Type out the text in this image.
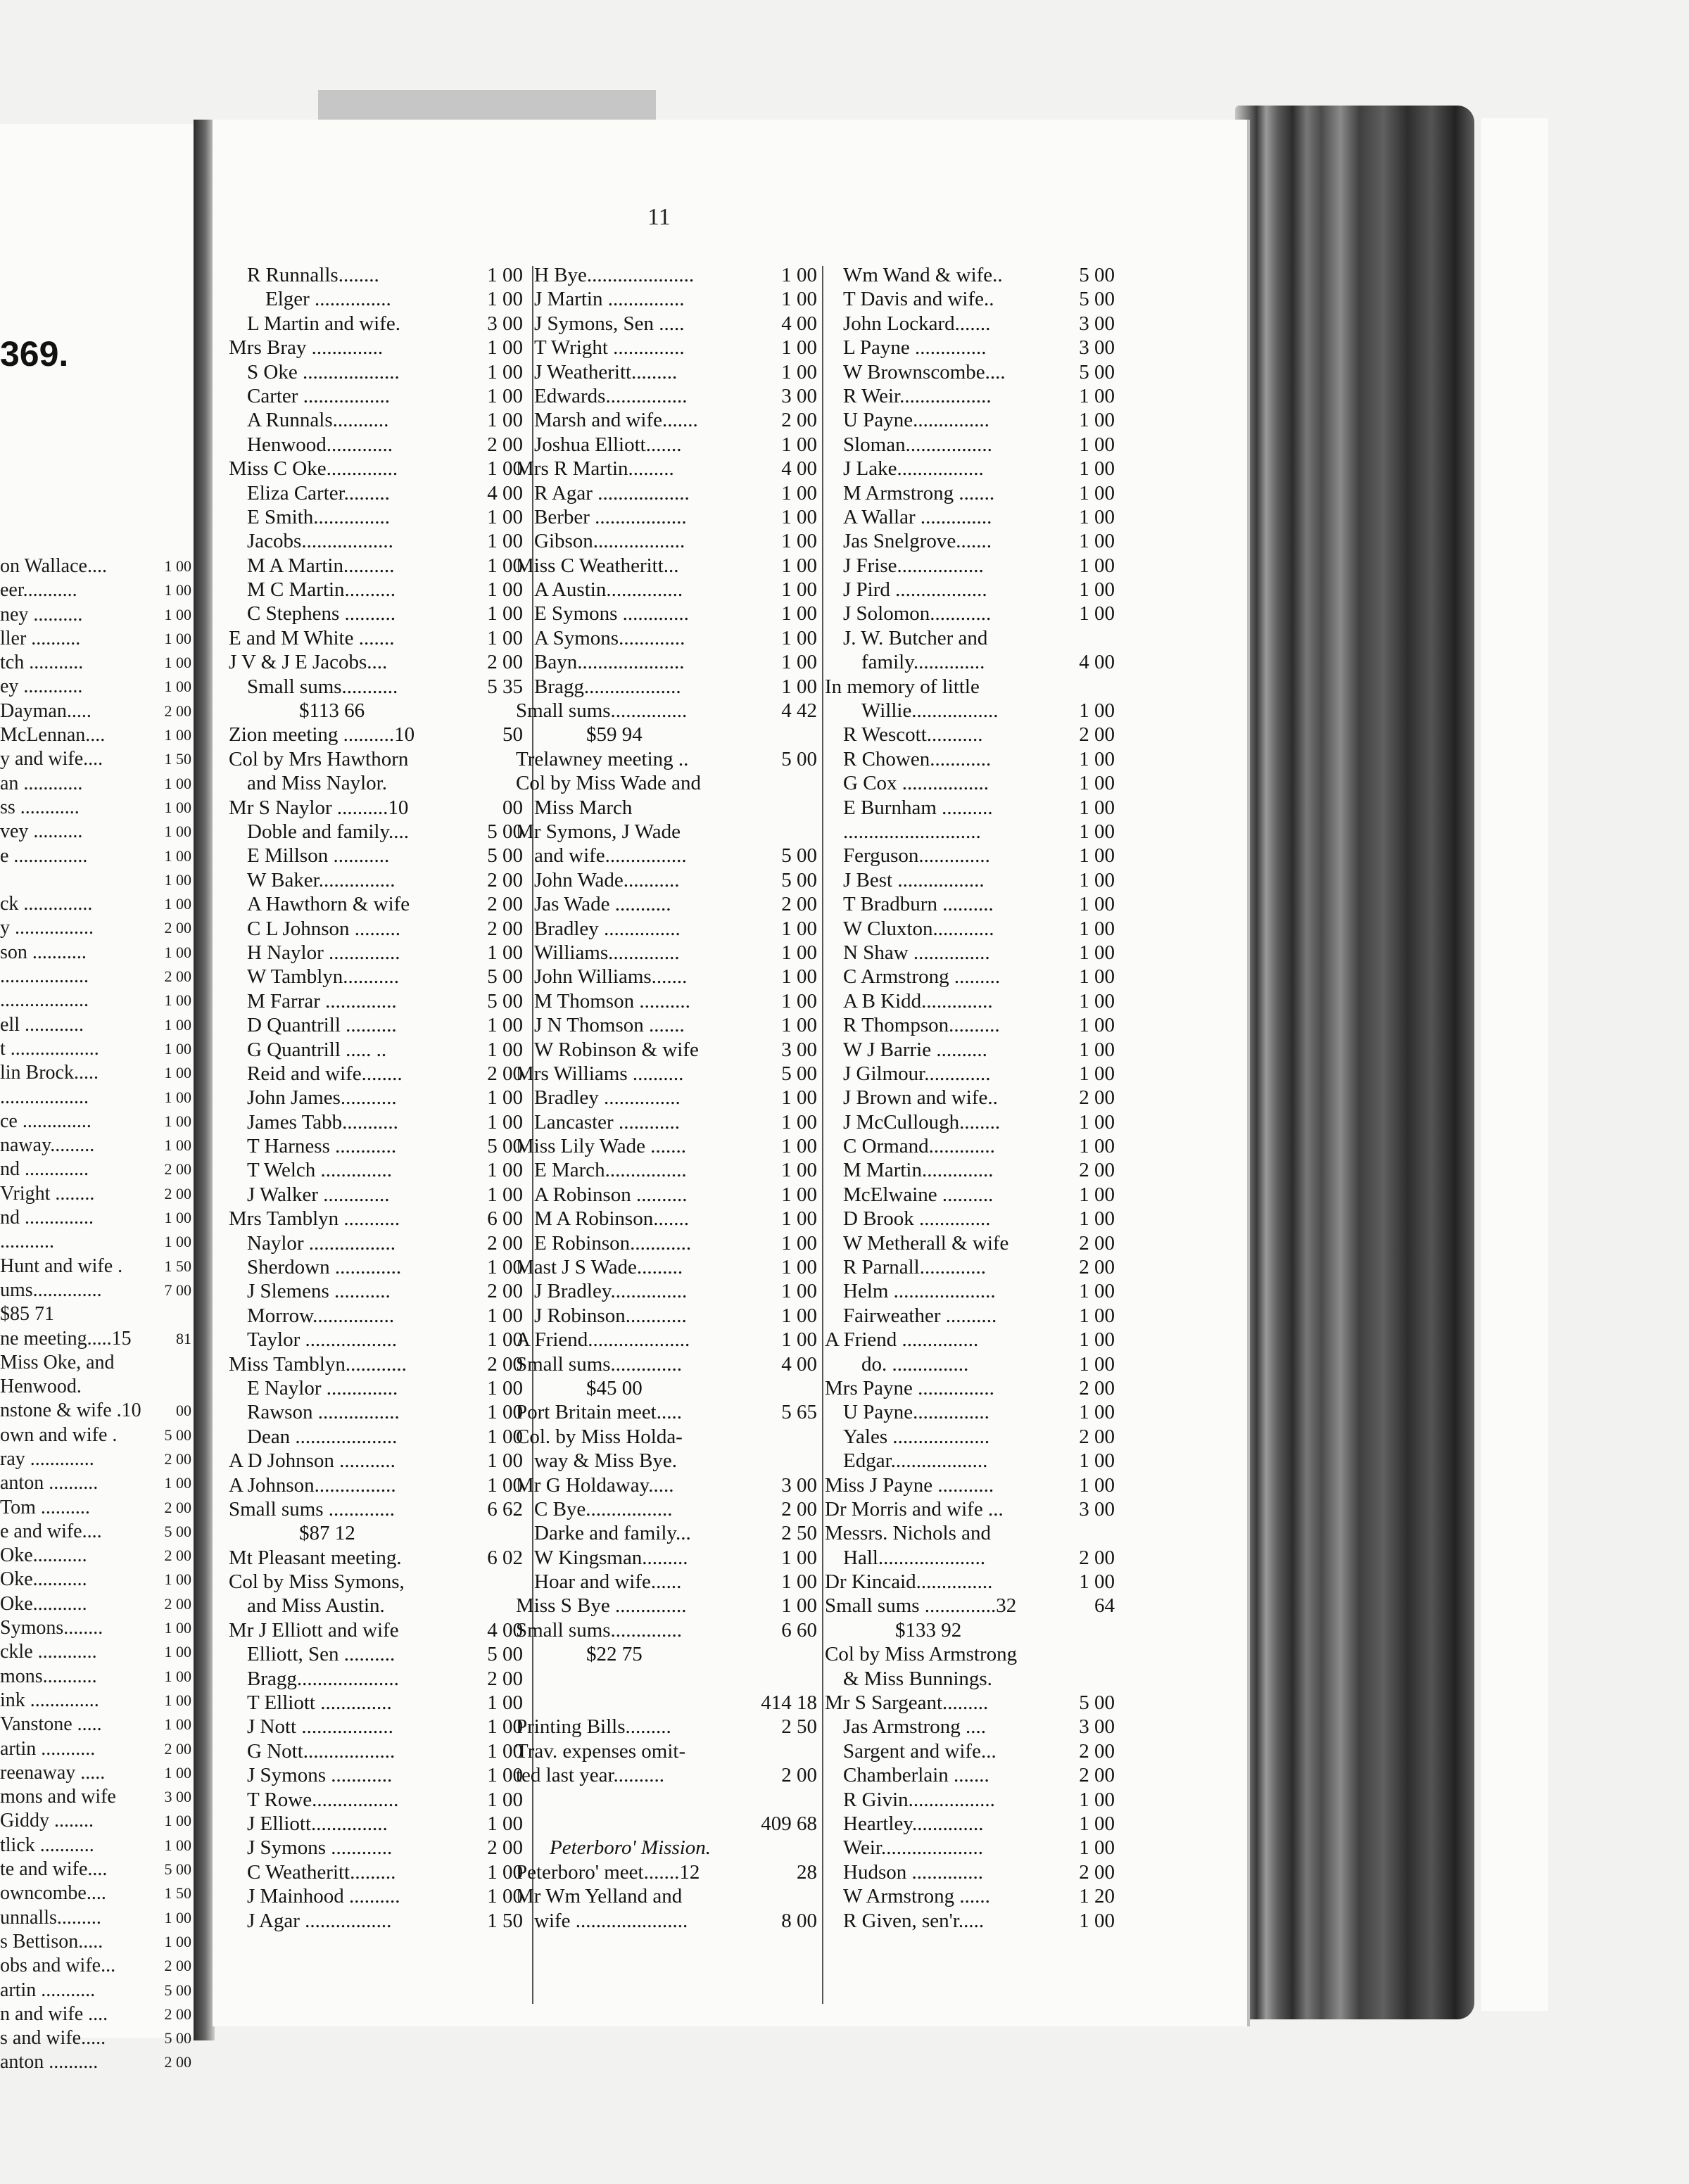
369.
on Wallace....	1 00
eer...........	1 00
ney ..........	1 00
ller ..........	1 00
tch ...........	1 00
ey ............	1 00
Dayman.....	2 00
McLennan....	1 00
y and wife....	1 50
an ............	1 00
ss ............	1 00
vey ..........	1 00
e ...............	1 00
1 00
ck ..............	1 00
y ................	2 00
son ...........	1 00
..................	2 00
..................	1 00
ell ............	1 00
t ..................	1 00
lin Brock.....	1 00
..................	1 00
ce ..............	1 00
naway.........	1 00
nd .............	2 00
Vright ........	2 00
nd ..............	1 00
...........	1 00
Hunt and wife .	1 50
ums..............	7 00
$85 71
ne meeting.....15	81
Miss Oke, and
Henwood.
nstone & wife .10 00
own and wife .	5 00
ray .............	2 00
anton ..........	1 00
Tom ..........	2 00
e and wife....	5 00
Oke...........	2 00
Oke...........	1 00
Oke...........	2 00
Symons........	1 00
ckle ............	1 00
mons...........	1 00
ink ..............	1 00
Vanstone .....	1 00
artin ...........	2 00
reenaway .....	1 00
mons and wife	3 00
Giddy ........	1 00
tlick ...........	1 00
te and wife....	5 00
owncombe....	1 50
unnalls.........	1 00
s Bettison.....	1 00
obs and wife...	2 00
artin ...........	5 00
n and wife ....	2 00
s and wife.....	5 00
anton ..........	2 00
11
R Runnalls........	1 00
Elger ...............	1 00
L Martin and wife.	3 00
Mrs Bray ..............	1 00
S Oke ...................	1 00
Carter .................	1 00
A Runnals...........	1 00
Henwood.............	2 00
Miss C Oke..............	1 00
Eliza Carter.........	4 00
E Smith...............	1 00
Jacobs..................	1 00
M A Martin..........	1 00
M C Martin..........	1 00
C Stephens ..........	1 00
E and M White .......	1 00
J V & J E Jacobs....	2 00
Small sums...........	5 35
$113 66
Zion meeting ..........10	50
Col by Mrs Hawthorn
and Miss Naylor.
Mr S Naylor ..........10	00
Doble and family....	5 00
E Millson ...........	5 00
W Baker...............	2 00
A Hawthorn & wife	2 00
C L Johnson .........	2 00
H Naylor ..............	1 00
W Tamblyn...........	5 00
M Farrar ..............	5 00
D Quantrill ..........	1 00
G Quantrill ..... ..	1 00
Reid and wife........	2 00
John James...........	1 00
James Tabb...........	1 00
T Harness ............	5 00
T Welch ..............	1 00
J Walker .............	1 00
Mrs Tamblyn ...........	6 00
Naylor .................	2 00
Sherdown .............	1 00
J Slemens ...........	2 00
Morrow................	1 00
Taylor ..................	1 00
Miss Tamblyn............	2 00
E Naylor ..............	1 00
Rawson ................	1 00
Dean ....................	1 00
A D Johnson ...........	1 00
A Johnson................	1 00
Small sums .............	6 62
$87 12
Mt Pleasant meeting.	6 02
Col by Miss Symons,
and Miss Austin.
Mr J Elliott and wife	4 00
Elliott, Sen ..........	5 00
Bragg....................	2 00
T Elliott ..............	1 00
J Nott ..................	1 00
G Nott..................	1 00
J Symons ............	1 00
T Rowe.................	1 00
J Elliott...............	1 00
J Symons ............	2 00
C Weatheritt.........	1 00
J Mainhood ..........	1 00
J Agar .................	1 50
H Bye.....................	1 00
J Martin ...............	1 00
J Symons, Sen .....	4 00
T Wright ..............	1 00
J Weatheritt.........	1 00
Edwards................	3 00
Marsh and wife.......	2 00
Joshua Elliott.......	1 00
Mrs R Martin.........	4 00
R Agar ..................	1 00
Berber ..................	1 00
Gibson..................	1 00
Miss C Weatheritt...	1 00
A Austin...............	1 00
E Symons .............	1 00
A Symons.............	1 00
Bayn.....................	1 00
Bragg...................	1 00
Small sums...............	4 42
$59 94
Trelawney meeting ..	5 00
Col by Miss Wade and
Miss March
Mr Symons, J Wade
and wife................	5 00
John Wade...........	5 00
Jas Wade ...........	2 00
Bradley ...............	1 00
Williams..............	1 00
John Williams.......	1 00
M Thomson ..........	1 00
J N Thomson .......	1 00
W Robinson & wife	3 00
Mrs Williams ..........	5 00
Bradley ...............	1 00
Lancaster ............	1 00
Miss Lily Wade .......	1 00
E March................	1 00
A Robinson ..........	1 00
M A Robinson.......	1 00
E Robinson............	1 00
Mast J S Wade.........	1 00
J Bradley...............	1 00
J Robinson............	1 00
A Friend....................	1 00
Small sums..............	4 00
$45 00
Port Britain meet.....	5 65
Col. by Miss Holda-
way & Miss Bye.
Mr G Holdaway.....	3 00
C Bye.................	2 00
Darke and family...	2 50
W Kingsman.........	1 00
Hoar and wife......	1 00
Miss S Bye ..............	1 00
Small sums..............	6 60
$22 75
414 18
Printing Bills.........	2 50
Trav. expenses omit-
ted last year..........	2 00
409 68
Peterboro' Mission.
Peterboro' meet.......12	28
Mr Wm Yelland and
wife ......................	8 00
Wm Wand & wife..	5 00
T Davis and wife..	5 00
John Lockard.......	3 00
L Payne ..............	3 00
W Brownscombe....	5 00
R Weir..................	1 00
U Payne...............	1 00
Sloman.................	1 00
J Lake.................	1 00
M Armstrong .......	1 00
A Wallar ..............	1 00
Jas Snelgrove.......	1 00
J Frise.................	1 00
J Pird ..................	1 00
J Solomon............	1 00
J. W. Butcher and
family..............	4 00
In memory of little
Willie.................	1 00
R Wescott...........	2 00
R Chowen............	1 00
G Cox .................	1 00
E Burnham ..........	1 00
...........................	1 00
Ferguson..............	1 00
J Best .................	1 00
T Bradburn ..........	1 00
W Cluxton............	1 00
N Shaw ...............	1 00
C Armstrong .........	1 00
A B Kidd..............	1 00
R Thompson..........	1 00
W J Barrie ..........	1 00
J Gilmour.............	1 00
J Brown and wife..	2 00
J McCullough........	1 00
C Ormand.............	1 00
M Martin..............	2 00
McElwaine ..........	1 00
D Brook ..............	1 00
W Metherall & wife	2 00
R Parnall.............	2 00
Helm ....................	1 00
Fairweather ..........	1 00
A Friend ...............	1 00
do. ...............	1 00
Mrs Payne ...............	2 00
U Payne...............	1 00
Yales ...................	2 00
Edgar...................	1 00
Miss J Payne ...........	1 00
Dr Morris and wife ...	3 00
Messrs. Nichols and
Hall.....................	2 00
Dr Kincaid...............	1 00
Small sums ..............32	64
$133 92
Col by Miss Armstrong
& Miss Bunnings.
Mr S Sargeant.........	5 00
Jas Armstrong ....	3 00
Sargent and wife...	2 00
Chamberlain .......	2 00
R Givin.................	1 00
Heartley..............	1 00
Weir....................	1 00
Hudson ..............	2 00
W Armstrong ......	1 20
R Given, sen'r.....	1 00
